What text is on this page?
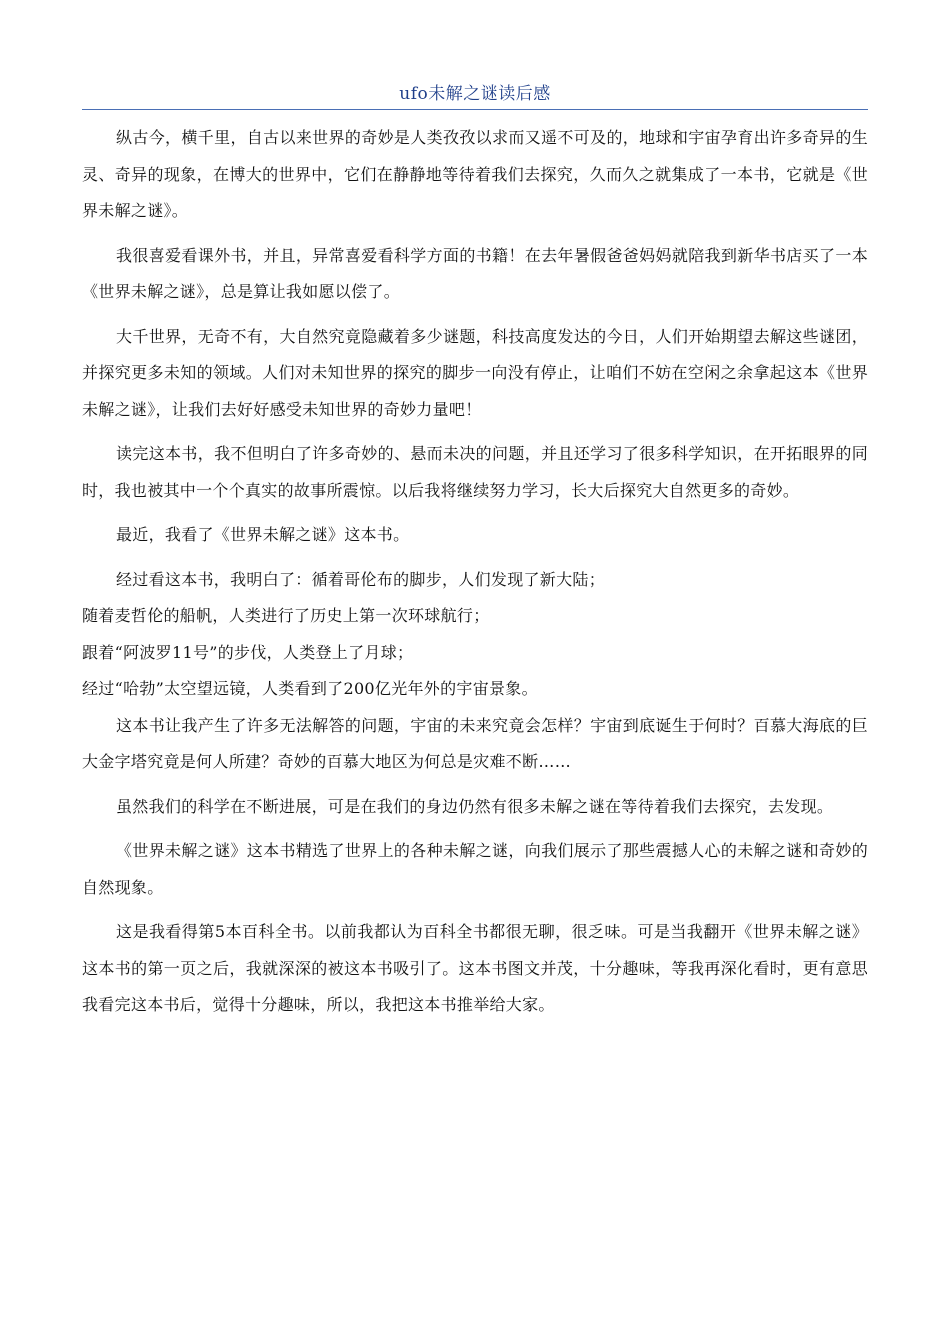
ufo未解之谜读后感

纵古今，横千里，自古以来世界的奇妙是人类孜孜以求而又遥不可及的，地球和宇宙孕育出许多奇异的生灵、奇异的现象，在博大的世界中，它们在静静地等待着我们去探究，久而久之就集成了一本书，它就是《世界未解之谜》。

我很喜爱看课外书，并且，异常喜爱看科学方面的书籍！在去年暑假爸爸妈妈就陪我到新华书店买了一本《世界未解之谜》，总是算让我如愿以偿了。

大千世界，无奇不有，大自然究竟隐藏着多少谜题，科技高度发达的今日，人们开始期望去解这些谜团，并探究更多未知的领域。人们对未知世界的探究的脚步一向没有停止，让咱们不妨在空闲之余拿起这本《世界未解之谜》，让我们去好好感受未知世界的奇妙力量吧！

读完这本书，我不但明白了许多奇妙的、悬而未决的问题，并且还学习了很多科学知识，在开拓眼界的同时，我也被其中一个个真实的故事所震惊。以后我将继续努力学习，长大后探究大自然更多的奇妙。

最近，我看了《世界未解之谜》这本书。

经过看这本书，我明白了：循着哥伦布的脚步，人们发现了新大陆；

随着麦哲伦的船帆，人类进行了历史上第一次环球航行；

跟着“阿波罗11号”的步伐，人类登上了月球；

经过“哈勃”太空望远镜，人类看到了200亿光年外的宇宙景象。

这本书让我产生了许多无法解答的问题，宇宙的未来究竟会怎样？宇宙到底诞生于何时？百慕大海底的巨大金字塔究竟是何人所建？奇妙的百慕大地区为何总是灾难不断……

虽然我们的科学在不断进展，可是在我们的身边仍然有很多未解之谜在等待着我们去探究，去发现。

《世界未解之谜》这本书精选了世界上的各种未解之谜，向我们展示了那些震撼人心的未解之谜和奇妙的自然现象。

这是我看得第5本百科全书。以前我都认为百科全书都很无聊，很乏味。可是当我翻开《世界未解之谜》这本书的第一页之后，我就深深的被这本书吸引了。这本书图文并茂，十分趣味，等我再深化看时，更有意思我看完这本书后，觉得十分趣味，所以，我把这本书推举给大家。
